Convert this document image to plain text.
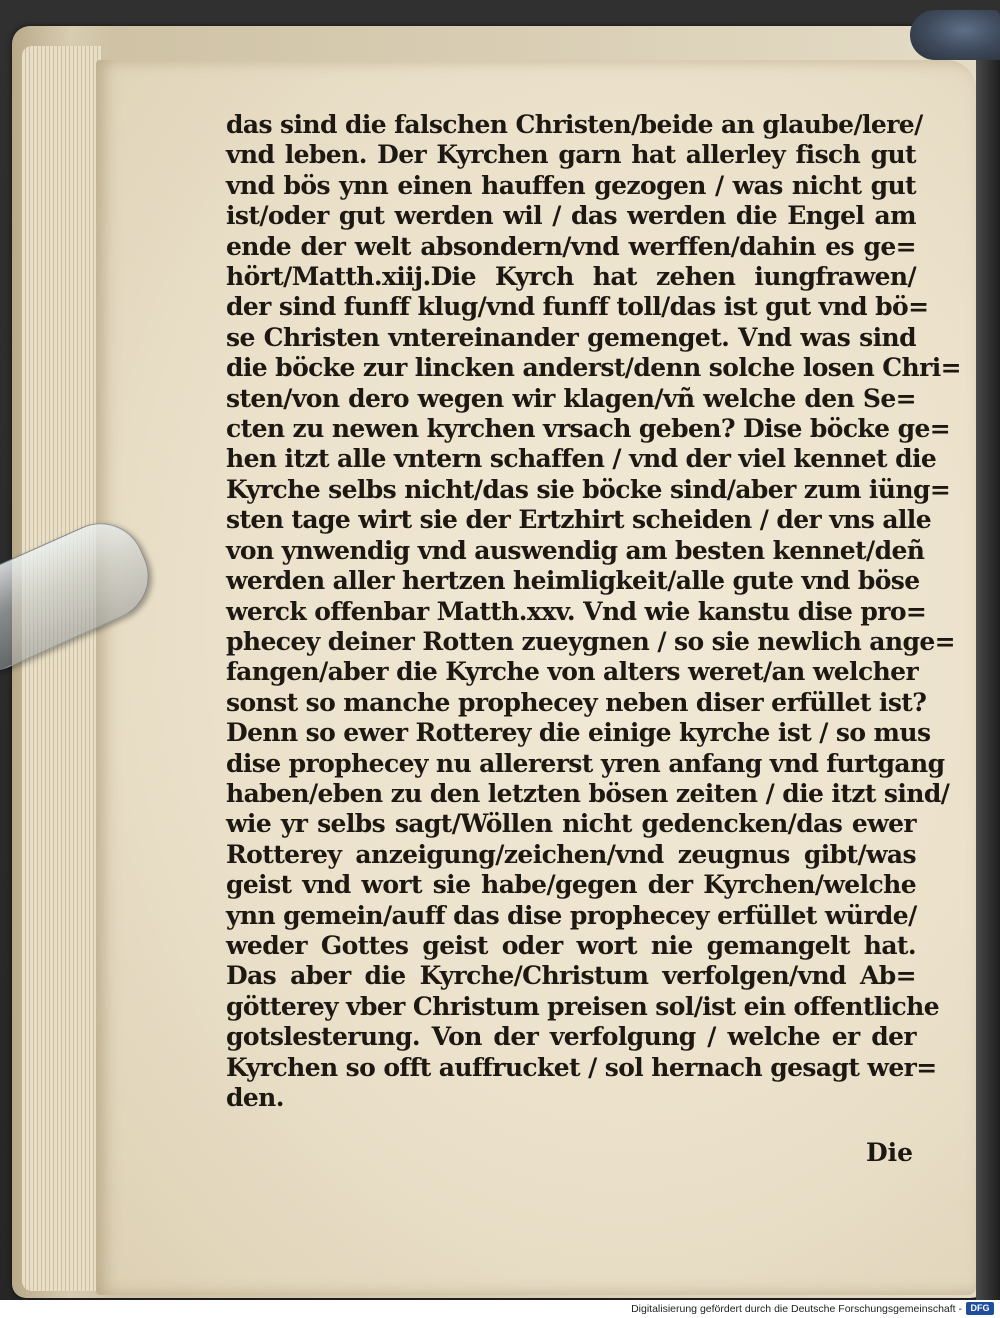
das sind die falschen Christen/beide an glaube/lere/
vnd leben. Der Kyrchen garn hat allerley fisch gut
vnd bös ynn einen hauffen gezogen / was nicht gut
ist/oder gut werden wil / das werden die Engel am
ende der welt absondern/vnd werffen/dahin es ge=
hört/Matth.xiij.Die Kyrch hat zehen iungfrawen/
der sind funff klug/vnd funff toll/das ist gut vnd bö=
se Christen vntereinander gemenget. Vnd was sind
die böcke zur lincken anderst/denn solche losen Chri=
sten/von dero wegen wir klagen/vñ welche den Se=
cten zu newen kyrchen vrsach geben? Dise böcke ge=
hen itzt alle vntern schaffen / vnd der viel kennet die
Kyrche selbs nicht/das sie böcke sind/aber zum iüng=
sten tage wirt sie der Ertzhirt scheiden / der vns alle
von ynwendig vnd auswendig am besten kennet/deñ
werden aller hertzen heimligkeit/alle gute vnd böse
werck offenbar Matth.xxv. Vnd wie kanstu dise pro=
phecey deiner Rotten zueygnen / so sie newlich ange=
fangen/aber die Kyrche von alters weret/an welcher
sonst so manche prophecey neben diser erfüllet ist?
Denn so ewer Rotterey die einige kyrche ist / so mus
dise prophecey nu allererst yren anfang vnd furtgang
haben/eben zu den letzten bösen zeiten / die itzt sind/
wie yr selbs sagt/Wöllen nicht gedencken/das ewer
Rotterey anzeigung/zeichen/vnd zeugnus gibt/was
geist vnd wort sie habe/gegen der Kyrchen/welche
ynn gemein/auff das dise prophecey erfüllet würde/
weder Gottes geist oder wort nie gemangelt hat.
Das aber die Kyrche/Christum verfolgen/vnd Ab=
götterey vber Christum preisen sol/ist ein offentliche
gotslesterung. Von der verfolgung / welche er der
Kyrchen so offt auffrucket / sol hernach gesagt wer=
den.
Die
Digitalisierung gefördert durch die Deutsche Forschungsgemeinschaft - DFG
